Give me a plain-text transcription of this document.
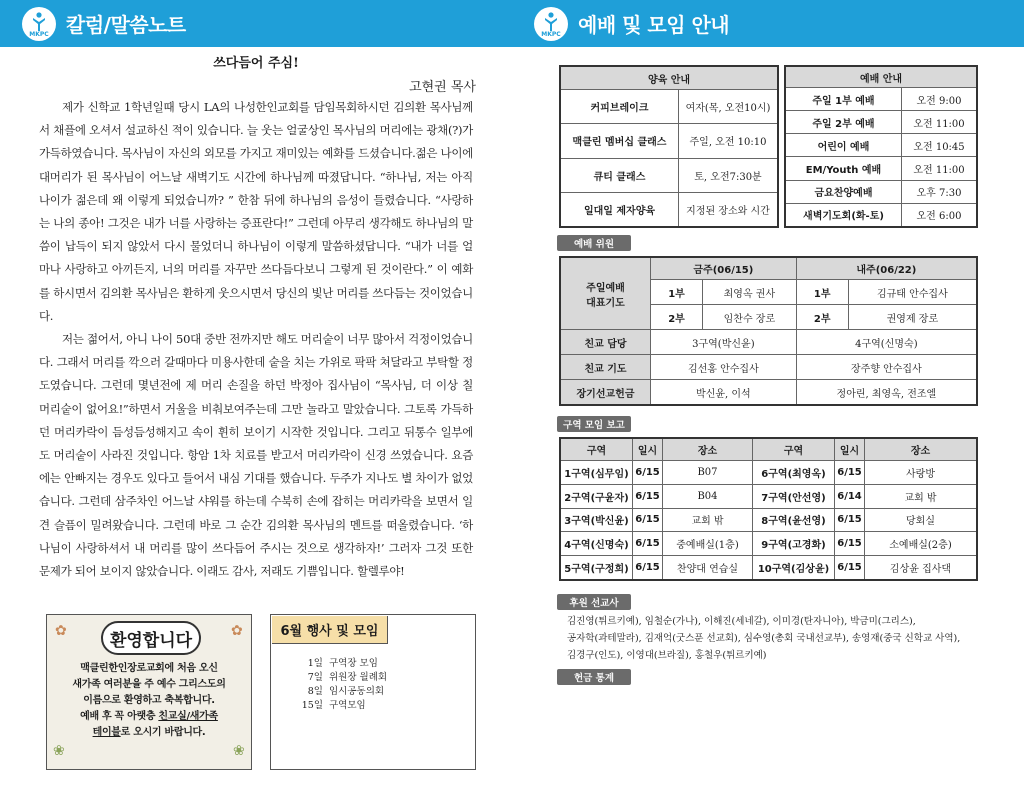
MKPC 칼럼/말씀노트	MKPC 예배 및 모임 안내
쓰다듬어 주심!
고현권 목사

제가 신학교 1학년일때 당시 LA의 나성한인교회를 담임목회하시던 김의환 목사님께서 채플에 오셔서 설교하신 적이 있습니다. 늘 웃는 얼굴상인 목사님의 머리에는 광채(?)가 가득하였습니다. 목사님이 자신의 외모를 가지고 재미있는 예화를 드셨습니다.젊은 나이에 대머리가 된 목사님이 어느날 새벽기도 시간에 하나님께 따졌답니다. “하나님, 저는 아직 나이가 젊은데 왜 이렇게 되었습니까? ” 한참 뒤에 하나님의 음성이 들렸습니다. “사랑하는 나의 종아! 그것은 내가 너를 사랑하는 증표란다!” 그런데 아무리 생각해도 하나님의 말씀이 납득이 되지 않았서 다시 물었더니 하나님이 이렇게 말씀하셨답니다. “내가 너를 얼마나 사랑하고 아끼든지, 너의 머리를 자꾸만 쓰다듬다보니 그렇게 된 것이란다.” 이 예화를 하시면서 김의환 목사님은 환하게 웃으시면서 당신의 빛난 머리를 쓰다듬는 것이었습니다.

저는 젊어서, 아니 나이 50대 중반 전까지만 해도 머리숱이 너무 많아서 걱정이었습니다. 그래서 머리를 깍으러 갈때마다 미용사한데 숱을 치는 가위로 팍팍 쳐달라고 부탁할 정도였습니다. 그런데 몇년전에 제 머리 손질을 하던 박정아 집사님이 “목사님, 더 이상 칠 머리숱이 없어요!”하면서 거울을 비춰보여주는데 그만 놀라고 말았습니다. 그토록 가득하던 머리카락이 듬성듬성해지고 속이 휜히 보이기 시작한 것입니다. 그리고 뒤통수 일부에도 머리숱이 사라진 것입니다. 항암 1차 치료를 받고서 머리카락이 신경 쓰였습니다. 요즘에는 안빠지는 경우도 있다고 들어서 내심 기대를 했습니다. 두주가 지나도 별 차이가 없었습니다. 그런데 삼주차인 어느날 샤워를 하는데 수북히 손에 잡히는 머리카락을 보면서 일견 슬픔이 밀려왔습니다. 그런데 바로 그 순간 김의환 목사님의 멘트를 떠올렸습니다. ‘하나님이 사랑하셔서 내 머리를 많이 쓰다듬어 주시는 것으로 생각하자!’ 그러자 그것 또한 문제가 되어 보이지 않았습니다. 이래도 감사, 저래도 기쁨입니다. 할렐루야!

✿	✿
❀	❀
환영합니다
맥클린한인장로교회에 처음 오신
새가족 여러분을 주 예수 그리스도의
이름으로 환영하고 축복합니다.
예배 후 꼭 아랫층 친교실/새가족
테이블로 오시기 바랍니다.
6월 행사 및 모임
1일	구역장 모임
7일	위원장 월례회
8일	임시공동의회
15일	구역모임
양육 안내	
커피브레이크	여자(목, 오전10시)
맥클린 멤버십 클래스	주일, 오전 10:10
큐티 클래스	토, 오전7:30분
일대일 제자양육	지정된 장소와 시간
예배 안내	
주일 1부 예배	오전 9:00
주일 2부 예배	오전 11:00
어린이 예배	오전 10:45
EM/Youth 예배	오전 11:00
금요찬양예배	오후 7:30
새벽기도회(화-토)	오전 6:00
예배 위원
주일예배
대표기도	금주(06/15)		내주(06/22)	
	1부	최영옥 권사	1부	김규태 안수집사
	2부	임찬수 장로	2부	권영제 장로
친교 담당	3구역(박신윤)		4구역(신명숙)	
친교 기도	김선홍 안수집사		장주향 안수집사	
장기선교헌금	박신윤, 이석		정아린, 최영옥, 전조엘	
구역 모임 보고
구역	일시	장소	구역	일시	장소
1구역(심무임)	6/15	B07	6구역(최영옥)	6/15	사랑방
2구역(구윤자)	6/15	B04	7구역(안선영)	6/14	교회 밖
3구역(박신윤)	6/15	교회 밖	8구역(윤선영)	6/15	당회실
4구역(신명숙)	6/15	중예배실(1층)	9구역(고경화)	6/15	소예배실(2층)
5구역(구정희)	6/15	찬양대 연습실	10구역(김상윤)	6/15	김상윤 집사댁
후원 선교사
김진영(튀르키예), 임철순(가나), 이해진(세네갈), 이미경(탄자니아), 박금미(그리스),
공자학(과테말라), 김재억(굿스푼 선교회), 심수영(총회 국내선교부), 송영재(중국 신학교 사역),
김경구(인도), 이영대(브라질), 홍철우(튀르키예)
헌금 통계
